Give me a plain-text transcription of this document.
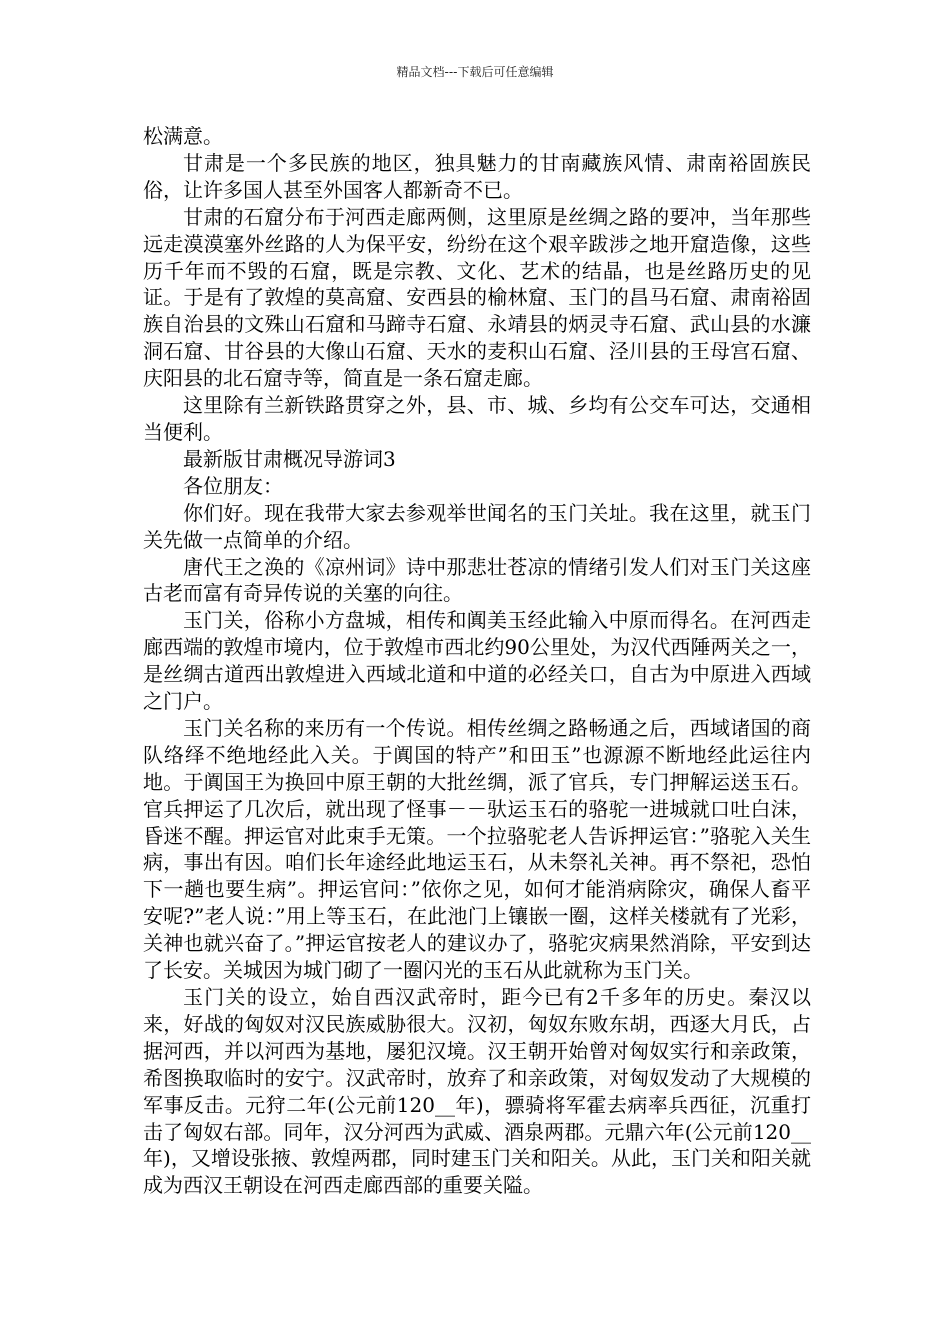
精品文档---下载后可任意编辑

松满意。

甘肃是一个多民族的地区，独具魅力的甘南藏族风情、肃南裕固族民俗，让许多国人甚至外国客人都新奇不已。

甘肃的石窟分布于河西走廊两侧，这里原是丝绸之路的要冲，当年那些远走漠漠塞外丝路的人为保平安，纷纷在这个艰辛跋涉之地开窟造像，这些历千年而不毁的石窟，既是宗教、文化、艺术的结晶，也是丝路历史的见证。于是有了敦煌的莫高窟、安西县的榆林窟、玉门的昌马石窟、肃南裕固族自治县的文殊山石窟和马蹄寺石窟、永靖县的炳灵寺石窟、武山县的水濂洞石窟、甘谷县的大像山石窟、天水的麦积山石窟、泾川县的王母宫石窟、庆阳县的北石窟寺等，简直是一条石窟走廊。

这里除有兰新铁路贯穿之外，县、市、城、乡均有公交车可达，交通相当便利。

最新版甘肃概况导游词3

各位朋友：

你们好。现在我带大家去参观举世闻名的玉门关址。我在这里，就玉门关先做一点简单的介绍。

唐代王之涣的《凉州词》诗中那悲壮苍凉的情绪引发人们对玉门关这座古老而富有奇异传说的关塞的向往。

玉门关，俗称小方盘城，相传和阗美玉经此输入中原而得名。在河西走廊西端的敦煌市境内，位于敦煌市西北约90公里处，为汉代西陲两关之一，是丝绸古道西出敦煌进入西域北道和中道的必经关口，自古为中原进入西域之门户。

玉门关名称的来历有一个传说。相传丝绸之路畅通之后，西域诸国的商队络绎不绝地经此入关。于阗国的特产”和田玉”也源源不断地经此运往内地。于阗国王为换回中原王朝的大批丝绸，派了官兵，专门押解运送玉石。官兵押运了几次后，就出现了怪事－－驮运玉石的骆驼一进城就口吐白沫，昏迷不醒。押运官对此束手无策。一个拉骆驼老人告诉押运官：”骆驼入关生病，事出有因。咱们长年途经此地运玉石，从未祭礼关神。再不祭祀，恐怕下一趟也要生病”。押运官问：”依你之见，如何才能消病除灾，确保人畜平安呢?”老人说：”用上等玉石，在此池门上镶嵌一圈，这样关楼就有了光彩，关神也就兴奋了。”押运官按老人的建议办了，骆驼灾病果然消除，平安到达了长安。关城因为城门砌了一圈闪光的玉石从此就称为玉门关。

玉门关的设立，始自西汉武帝时，距今已有2千多年的历史。秦汉以来，好战的匈奴对汉民族威胁很大。汉初，匈奴东败东胡，西逐大月氏，占据河西，并以河西为基地，屡犯汉境。汉王朝开始曾对匈奴实行和亲政策，希图换取临时的安宁。汉武帝时，放弃了和亲政策，对匈奴发动了大规模的军事反击。元狩二年(公元前120__年)，骠骑将军霍去病率兵西征，沉重打击了匈奴右部。同年，汉分河西为武威、酒泉两郡。元鼎六年(公元前120__年)，又增设张掖、敦煌两郡，同时建玉门关和阳关。从此，玉门关和阳关就成为西汉王朝设在河西走廊西部的重要关隘。
